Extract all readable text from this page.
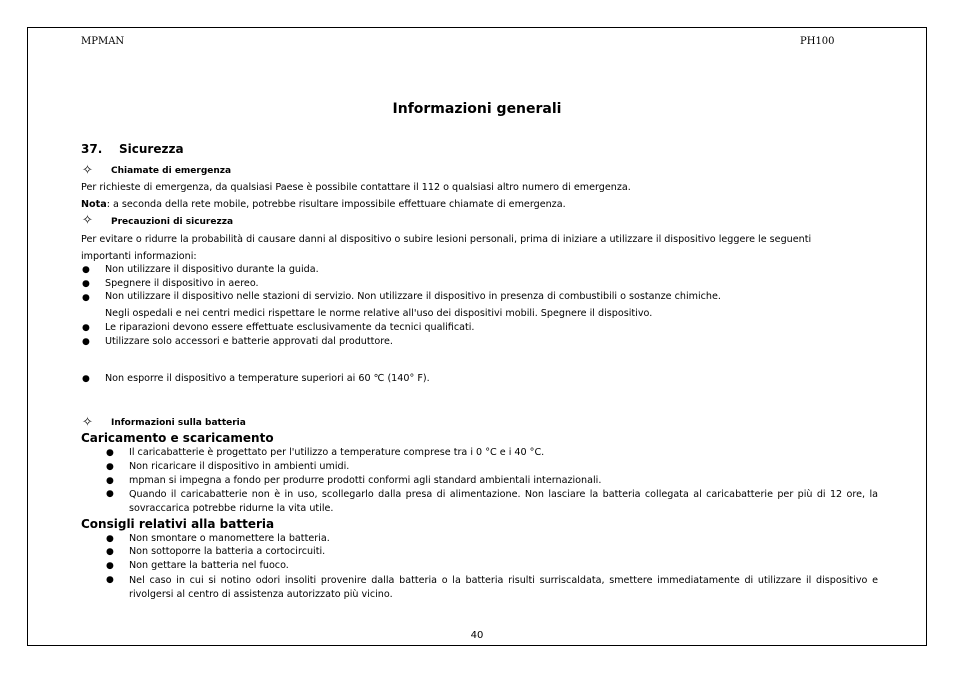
MPMAN	PH100
Informazioni generali
37. Sicurezza
✧ Chiamate di emergenza
Per richieste di emergenza, da qualsiasi Paese è possibile contattare il 112 o qualsiasi altro numero di emergenza.
Nota: a seconda della rete mobile, potrebbe risultare impossibile effettuare chiamate di emergenza.
✧ Precauzioni di sicurezza
Per evitare o ridurre la probabilità di causare danni al dispositivo o subire lesioni personali, prima di iniziare a utilizzare il dispositivo leggere le seguenti
importanti informazioni:
● Non utilizzare il dispositivo durante la guida.
● Spegnere il dispositivo in aereo.
● Non utilizzare il dispositivo nelle stazioni di servizio. Non utilizzare il dispositivo in presenza di combustibili o sostanze chimiche.
Negli ospedali e nei centri medici rispettare le norme relative all'uso dei dispositivi mobili. Spegnere il dispositivo.
● Le riparazioni devono essere effettuate esclusivamente da tecnici qualificati.
● Utilizzare solo accessori e batterie approvati dal produttore.
● Non esporre il dispositivo a temperature superiori ai 60 ℃ (140° F).
✧ Informazioni sulla batteria
Caricamento e scaricamento
● Il caricabatterie è progettato per l'utilizzo a temperature comprese tra i 0 °C e i 40 °C.
● Non ricaricare il dispositivo in ambienti umidi.
● mpman si impegna a fondo per produrre prodotti conformi agli standard ambientali internazionali.
● Quando il caricabatterie non è in uso, scollegarlo dalla presa di alimentazione. Non lasciare la batteria collegata al caricabatterie per più di 12 ore, la sovraccarica potrebbe ridurne la vita utile.
Consigli relativi alla batteria
● Non smontare o manomettere la batteria.
● Non sottoporre la batteria a cortocircuiti.
● Non gettare la batteria nel fuoco.
● Nel caso in cui si notino odori insoliti provenire dalla batteria o la batteria risulti surriscaldata, smettere immediatamente di utilizzare il dispositivo e rivolgersi al centro di assistenza autorizzato più vicino.
40
